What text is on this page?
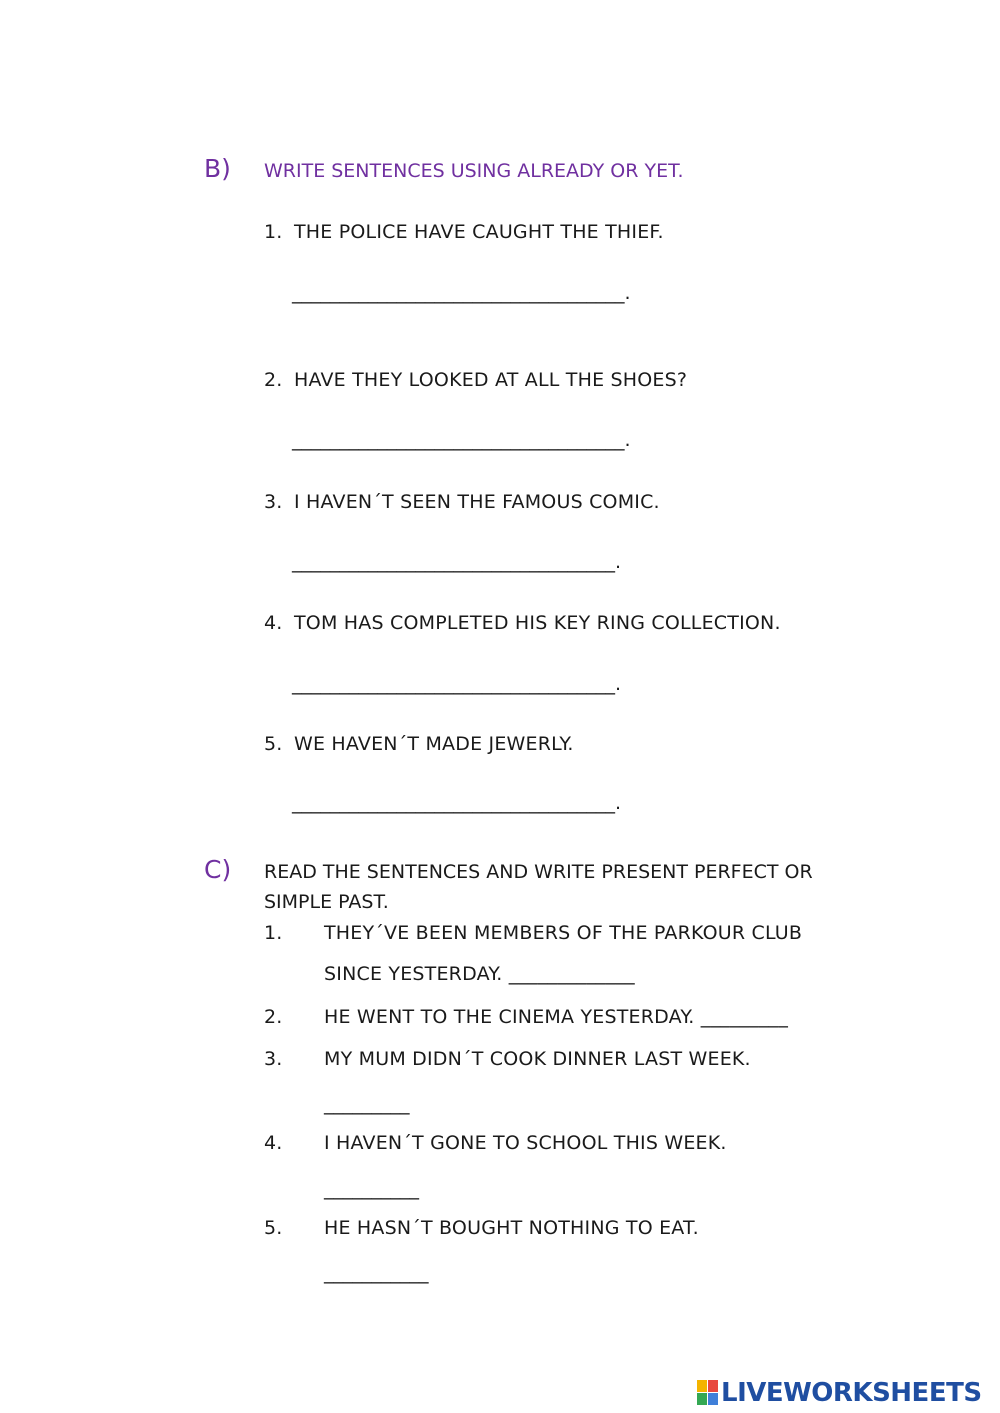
B) WRITE SENTENCES USING ALREADY OR YET.
1. THE POLICE HAVE CAUGHT THE THIEF.
___________________________________.
2. HAVE THEY LOOKED AT ALL THE SHOES?
___________________________________.
3. I HAVEN´T SEEN THE FAMOUS COMIC.
__________________________________.
4. TOM HAS COMPLETED HIS KEY RING COLLECTION.
__________________________________.
5. WE HAVEN´T MADE JEWERLY.
__________________________________.
C) READ THE SENTENCES AND WRITE PRESENT PERFECT OR
SIMPLE PAST.
1. THEY´VE BEEN MEMBERS OF THE PARKOUR CLUB
SINCE YESTERDAY. _____________
2. HE WENT TO THE CINEMA YESTERDAY. _________
3. MY MUM DIDN´T COOK DINNER LAST WEEK.
_________
4. I HAVEN´T GONE TO SCHOOL THIS WEEK.
__________
5. HE HASN´T BOUGHT NOTHING TO EAT.
___________
LIVEWORKSHEETS
